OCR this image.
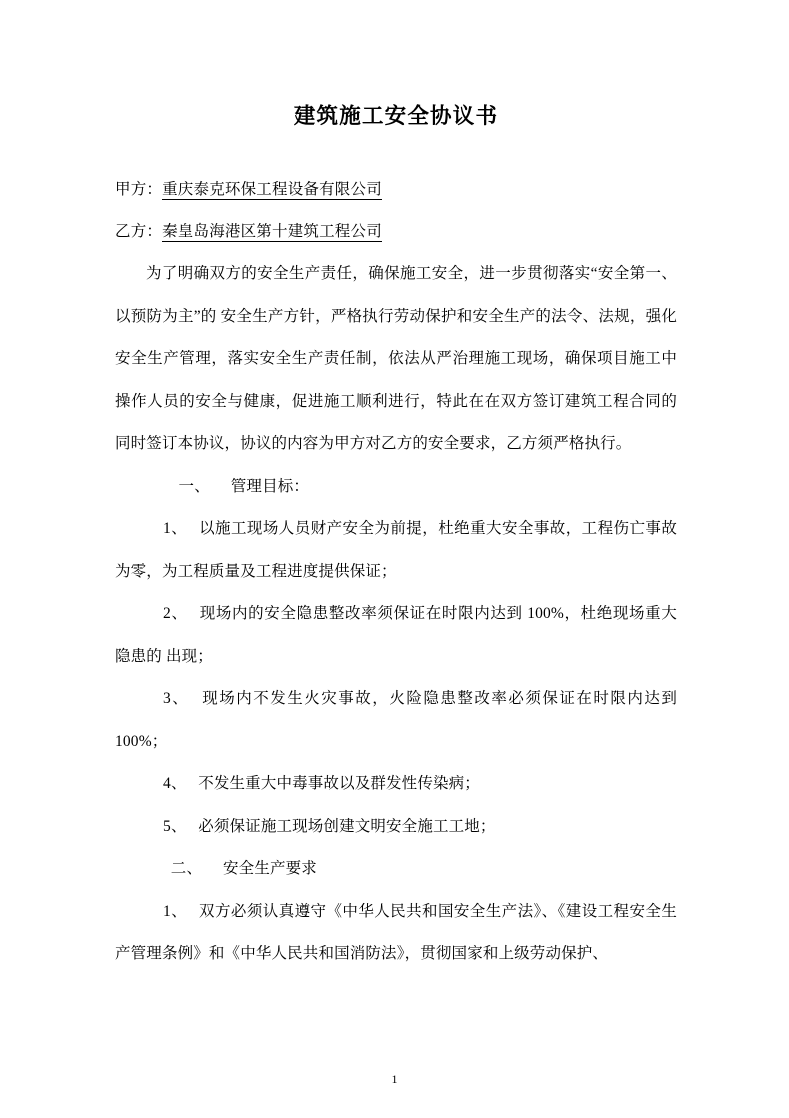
建筑施工安全协议书
甲方：重庆泰克环保工程设备有限公司
乙方：秦皇岛海港区第十建筑工程公司

为了明确双方的安全生产责任，确保施工安全，进一步贯彻落实“安全第一、以预防为主”的 安全生产方针，严格执行劳动保护和安全生产的法令、法规，强化安全生产管理，落实安全生产责任制，依法从严治理施工现场，确保项目施工中操作人员的安全与健康，促进施工顺利进行，特此在在双方签订建筑工程合同的同时签订本协议，协议的内容为甲方对乙方的安全要求，乙方须严格执行。

一、 管理目标：

1、 以施工现场人员财产安全为前提，杜绝重大安全事故，工程伤亡事故为零，为工程质量及工程进度提供保证；

2、 现场内的安全隐患整改率须保证在时限内达到 100%，杜绝现场重大隐患的 出现；

3、 现场内不发生火灾事故，火险隐患整改率必须保证在时限内达到 100%；

4、 不发生重大中毒事故以及群发性传染病；

5、 必须保证施工现场创建文明安全施工工地；

二、 安全生产要求

1、 双方必须认真遵守《中华人民共和国安全生产法》、《建设工程安全生产管理条例》和《中华人民共和国消防法》，贯彻国家和上级劳动保护、

1
